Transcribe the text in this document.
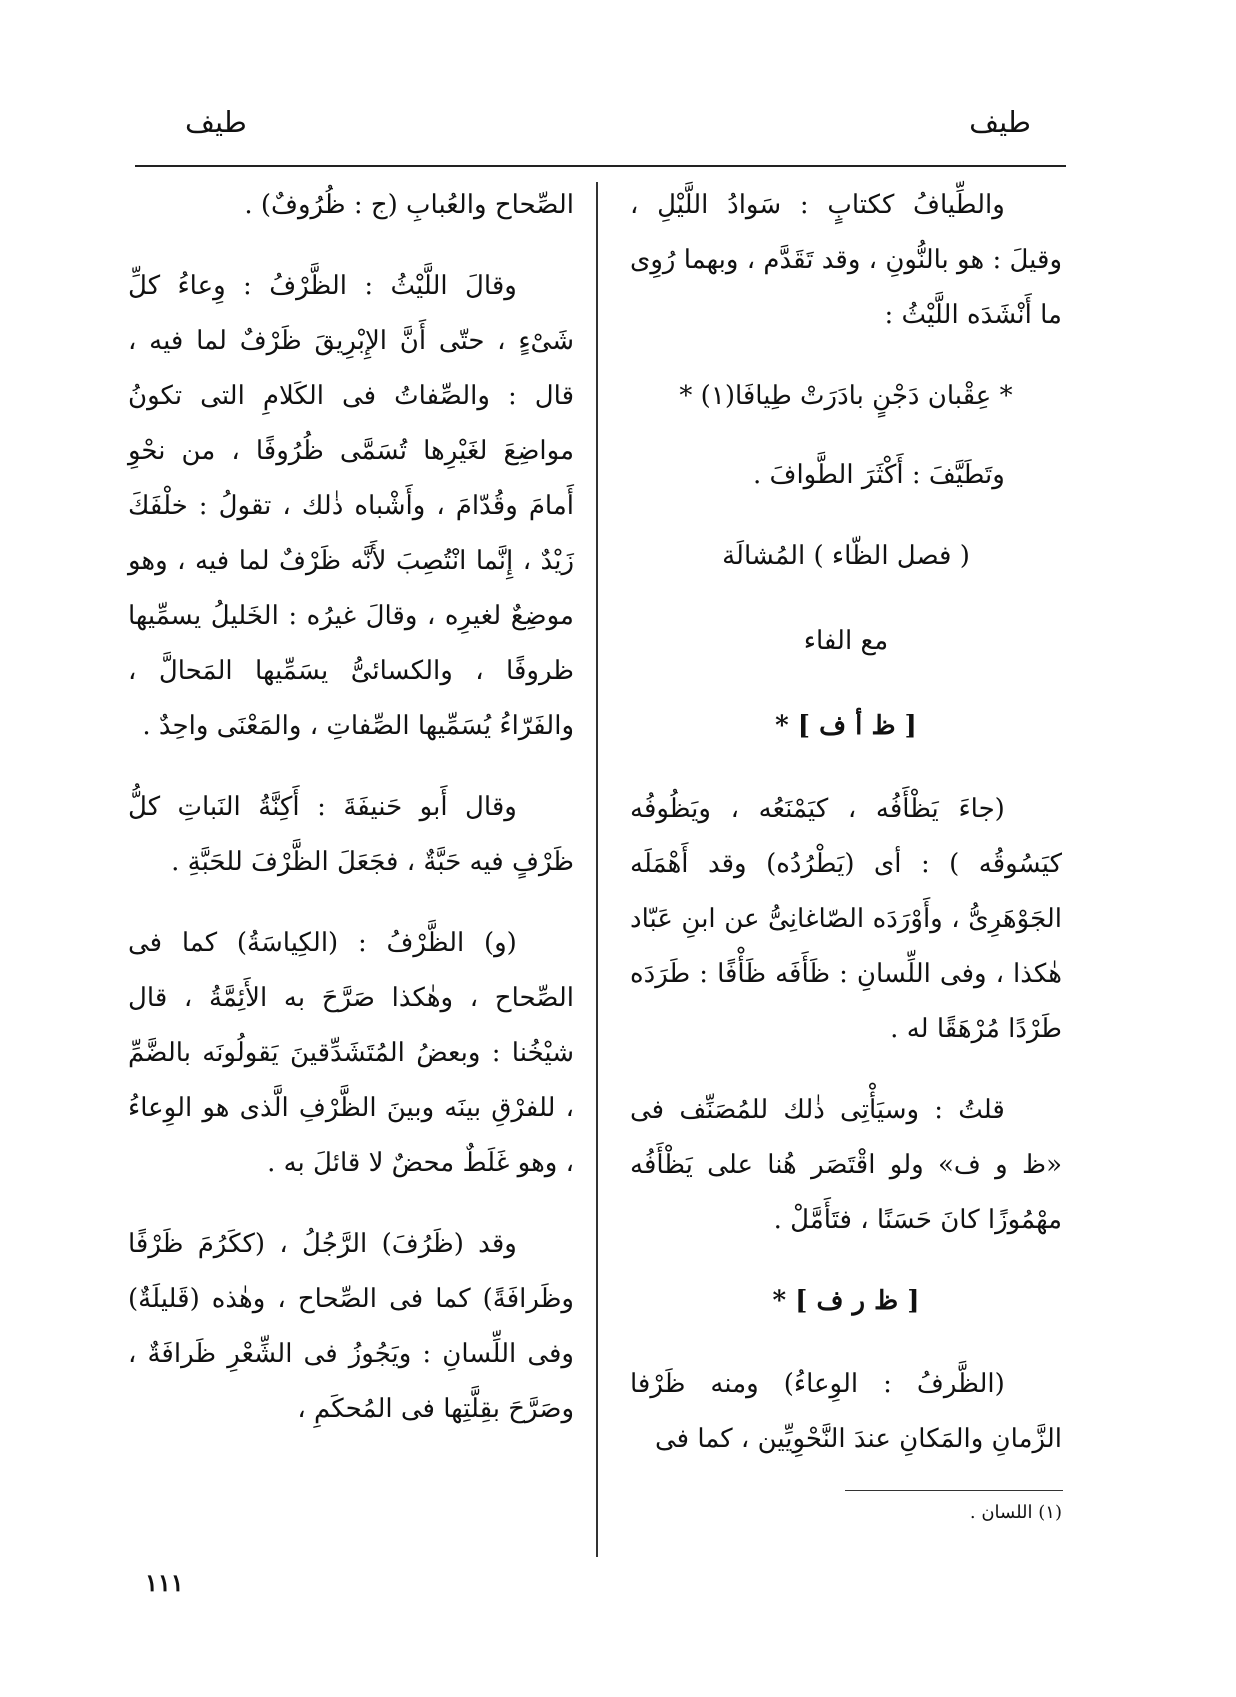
طيف
طيف

والطِّيافُ ككتابٍ : سَوادُ اللَّيْلِ ، وقيلَ : هو بالنُّونِ ، وقد تَقَدَّم ، وبهما رُوِى ما أَنْشَدَه اللَّيْثُ :

* عِقْبان دَجْنٍ بادَرَتْ طِيافَا(١) *

وتَطَيَّفَ : أَكْثَرَ الطَّوافَ .

( فصل الظّاء ) المُشالَة
مع الفاء
[ ظ أ ف ] *

(جاءَ يَظْأَفُه ، كيَمْنَعُه ، ويَظُوفُه كيَسُوقُه ) : أى (يَطْرُدُه) وقد أَهْمَلَه الجَوْهَرِىُّ ، وأَوْرَدَه الصّاغانِىُّ عن ابنِ عَبّاد هٰكذا ، وفى اللِّسانِ : ظَأَفَه ظَأْفًا : طَرَدَه طَرْدًا مُرْهَقًا له .

قلتُ : وسيَأْتِى ذٰلك للمُصَنِّف فى «ظ و ف» ولو اقْتَصَر هُنا على يَظْأَفُه مهْمُوزًا كانَ حَسَنًا ، فتَأَمَّلْ .

[ ظ ر ف ] *

(الظَّرفُ : الوِعاءُ) ومنه ظَرْفا الزَّمانِ والمَكانِ عندَ النَّحْوِيِّين ، كما فى

الصِّحاح والعُبابِ (ج : ظُرُوفٌ) .

وقالَ اللَّيْثُ : الظَّرْفُ : وِعاءُ كلِّ شَىْءٍ ، حتّى أَنَّ الإِبْرِيقَ ظَرْفٌ لما فيه ، قال : والصِّفاتُ فى الكَلامِ التى تكونُ مواضِعَ لغَيْرِها تُسَمَّى ظُرُوفًا ، من نحْوِ أَمامَ وقُدّامَ ، وأَشْباه ذٰلك ، تقولُ : خلْفَكَ زَيْدٌ ، إِنَّما انْتُصِبَ لأَنَّه ظَرْفٌ لما فيه ، وهو موضِعٌ لغيرِه ، وقالَ غيرُه : الخَليلُ يسمِّيها ظروفًا ، والكسائىُّ يسَمِّيها المَحالَّ ، والفَرّاءُ يُسَمِّيها الصِّفاتِ ، والمَعْنَى واحِدٌ .

وقال أَبو حَنيفَةَ : أَكِنَّةُ النَباتِ كلُّ ظَرْفٍ فيه حَبَّةٌ ، فجَعَلَ الظَّرْفَ للحَبَّةِ .

(و) الظَّرْفُ : (الكِياسَةُ) كما فى الصِّحاح ، وهٰكذا صَرَّحَ به الأَئِمَّةُ ، قال شيْخُنا : وبعضُ المُتَشَدِّقينَ يَقولُونَه بالضَّمِّ ، للفرْقِ بينَه وبينَ الظَّرْفِ الَّذى هو الوِعاءُ ، وهو غَلَطٌ محضٌ لا قائلَ به .

وقد (ظَرُفَ) الرَّجُلُ ، (ككَرُمَ ظَرْفًا وظَرافَةً) كما فى الصِّحاح ، وهٰذه (قَليلَةٌ) وفى اللِّسانِ : ويَجُوزُ فى الشِّعْرِ ظَرافَةٌ ، وصَرَّحَ بقِلَّتِها فى المُحكَمِ ،

(١) اللسان .
١١١
